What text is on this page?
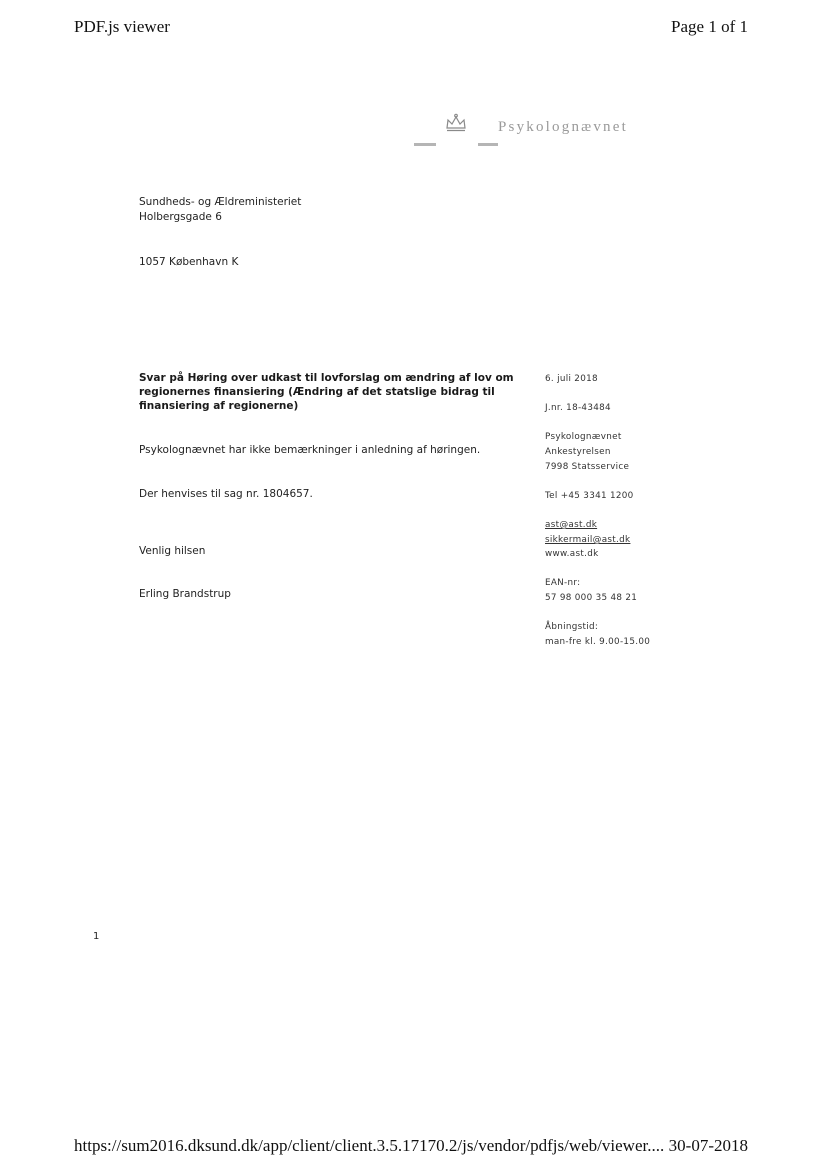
PDF.js viewer	Page 1 of 1
Psykolognævnet
Sundheds- og Ældreministeriet
Holbergsgade 6
1057 København K
Svar på Høring over udkast til lovforslag om ændring af lov om regionernes finansiering (Ændring af det statslige bidrag til finansiering af regionerne)
Psykolognævnet har ikke bemærkninger i anledning af høringen.
Der henvises til sag nr. 1804657.
Venlig hilsen
Erling Brandstrup
6. juli 2018
J.nr. 18-43484
Psykolognævnet
Ankestyrelsen
7998 Statsservice
Tel +45 3341 1200
ast@ast.dk
sikkermail@ast.dk
www.ast.dk
EAN-nr:
57 98 000 35 48 21
Åbningstid:
man-fre kl. 9.00-15.00
1
https://sum2016.dksund.dk/app/client/client.3.5.17170.2/js/vendor/pdfjs/web/viewer.... 30-07-2018
